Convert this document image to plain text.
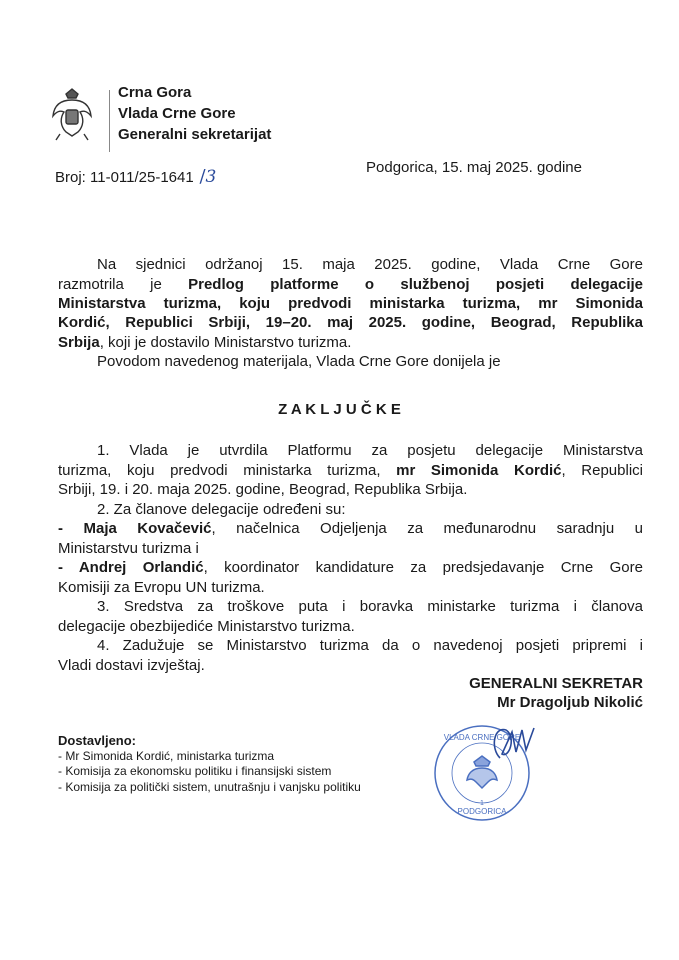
Crna Gora
Vlada Crne Gore
Generalni sekretarijat
Broj: 11-011/25-1641 /3	Podgorica, 15. maj 2025. godine
Na sjednici održanoj 15. maja 2025. godine, Vlada Crne Gore
razmotrila je Predlog platforme o službenoj posjeti delegacije
Ministarstva turizma, koju predvodi ministarka turizma, mr Simonida
Kordić, Republici Srbiji, 19–20. maj 2025. godine, Beograd, Republika
Srbija, koji je dostavilo Ministarstvo turizma.
Povodom navedenog materijala, Vlada Crne Gore donijela je
1. Vlada je utvrdila Platformu za posjetu delegacije Ministarstva
turizma, koju predvodi ministarka turizma, mr Simonida Kordić, Republici
Srbiji, 19. i 20. maja 2025. godine, Beograd, Republika Srbija.
2. Za članove delegacije određeni su:
- Maja Kovačević, načelnica Odjeljenja za međunarodnu saradnju u
Ministarstvu turizma i
- Andrej Orlandić, koordinator kandidature za predsjedavanje Crne Gore
Komisiji za Evropu UN turizma.
3. Sredstva za troškove puta i boravka ministarke turizma i članova
delegacije obezbijediće Ministarstvo turizma.
4. Zadužuje se Ministarstvo turizma da o navedenoj posjeti pripremi i
Vladi dostavi izvještaj.
Z A K L J U Č K E
GENERALNI SEKRETAR
Mr Dragoljub Nikolić
VLADA CRNE GORE
PODGORICA
1
Dostavljeno:
- Mr Simonida Kordić, ministarka turizma
- Komisija za ekonomsku politiku i finansijski sistem
- Komisija za politički sistem, unutrašnju i vanjsku politiku
